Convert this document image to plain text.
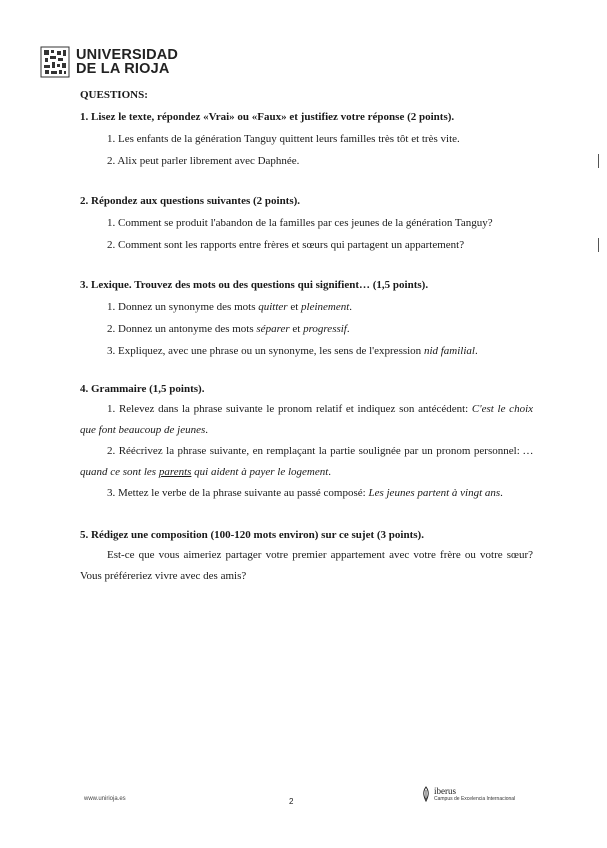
UNIVERSIDAD
DE LA RIOJA

QUESTIONS:

1. Lisez le texte, répondez «Vrai» ou «Faux» et justifiez votre réponse (2 points).

1. Les enfants de la génération Tanguy quittent leurs familles très tôt et très vite.

2. Alix peut parler librement avec Daphnée.

2. Répondez aux questions suivantes (2 points).

1. Comment se produit l'abandon de la familles par ces jeunes de la génération Tanguy?

2. Comment sont les rapports entre frères et sœurs qui partagent un appartement?

3. Lexique. Trouvez des mots ou des questions qui signifient… (1,5 points).

1. Donnez un synonyme des mots quitter et pleinement.

2. Donnez un antonyme des mots séparer et progressif.

3. Expliquez, avec une phrase ou un synonyme, les sens de l'expression nid familial.

4. Grammaire (1,5 points).

1. Relevez dans la phrase suivante le pronom relatif et indiquez son antécédent: C'est le choix que font beaucoup de jeunes.

2. Réécrivez la phrase suivante, en remplaçant la partie soulignée par un pronom personnel: … quand ce sont les parents qui aident à payer le logement.

3. Mettez le verbe de la phrase suivante au passé composé: Les jeunes partent à vingt ans.

5. Rédigez une composition (100-120 mots environ) sur ce sujet (3 points).

Est-ce que vous aimeriez partager votre premier appartement avec votre frère ou votre sœur? Vous préféreriez vivre avec des amis?

www.unirioja.es	2
iberus
Campus de Excelencia Internacional
